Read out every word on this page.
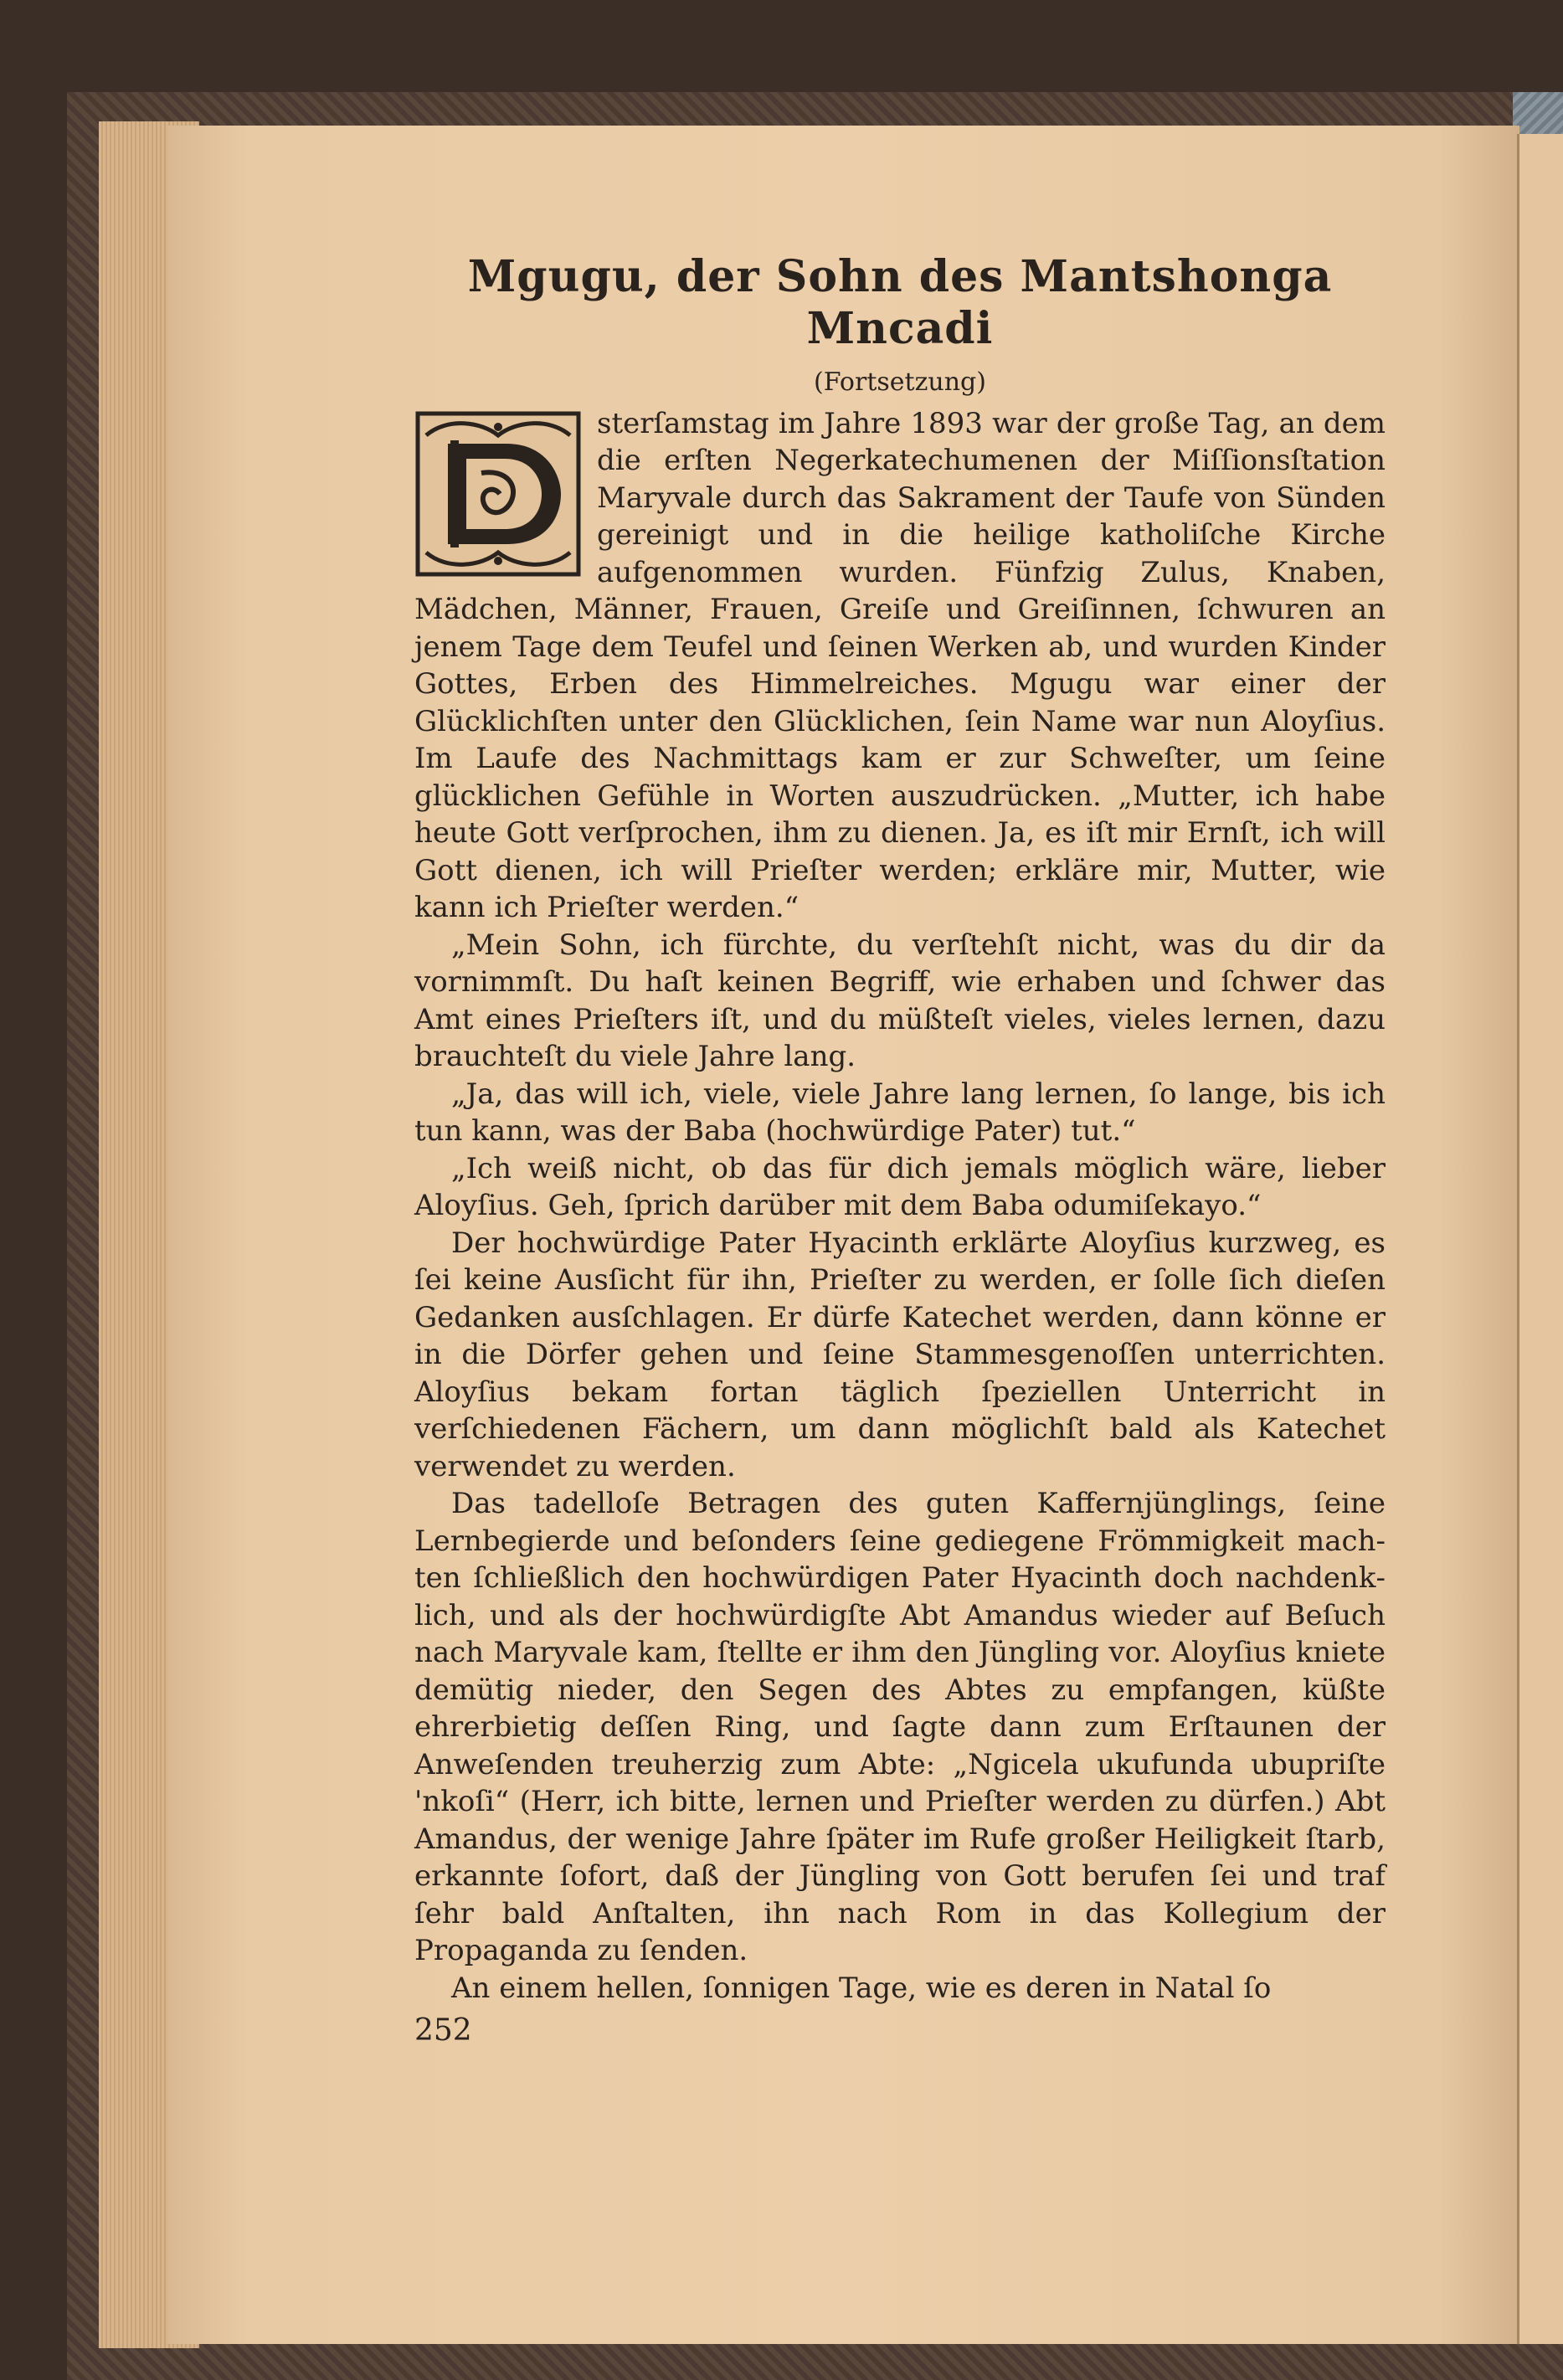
Mgugu, der Sohn des Mantshonga Mncadi
(Fortsetzung)

sterſamstag im Jahre 1893 war der große Tag, an dem die erſten Negerkatechumenen der Miſſionsſtation Maryvale durch das Sakrament der Taufe von Sünden gereinigt und in die heilige katholiſche Kirche aufgenommen wurden. Fünfzig Zulus, Knaben, Mädchen, Männer, Frauen, Greiſe und Greiſinnen, ſchwuren an jenem Tage dem Teufel und ſeinen Werken ab, und wurden Kinder Gottes, Erben des Himmelreiches. Mgugu war einer der Glücklichſten unter den Glücklichen, ſein Name war nun Aloyſius. Im Laufe des Nachmittags kam er zur Schweſter, um ſeine glücklichen Gefühle in Worten auszudrücken. „Mutter, ich habe heute Gott verſprochen, ihm zu dienen. Ja, es iſt mir Ernſt, ich will Gott dienen, ich will Prieſter werden; erkläre mir, Mutter, wie kann ich Prieſter werden.“

„Mein Sohn, ich fürchte, du verſtehſt nicht, was du dir da vornimmſt. Du haſt keinen Begriff, wie erhaben und ſchwer das Amt eines Prieſters iſt, und du müßteſt vieles, vieles lernen, dazu brauchteſt du viele Jahre lang.

„Ja, das will ich, viele, viele Jahre lang lernen, ſo lange, bis ich tun kann, was der Baba (hochwürdige Pater) tut.“

„Ich weiß nicht, ob das für dich jemals möglich wäre, lieber Aloyſius. Geh, ſprich darüber mit dem Baba odumiſekayo.“

Der hochwürdige Pater Hyacinth erklärte Aloyſius kurzweg, es ſei keine Ausſicht für ihn, Prieſter zu werden, er ſolle ſich dieſen Gedanken ausſchlagen. Er dürfe Katechet werden, dann könne er in die Dörfer gehen und ſeine Stammesgenoſſen unterrichten. Aloyſius bekam fortan täglich ſpeziellen Unterricht in verſchiedenen Fächern, um dann möglichſt bald als Katechet verwendet zu werden.

Das tadelloſe Betragen des guten Kaffernjünglings, ſeine Lernbegierde und beſonders ſeine gediegene Frömmigkeit machten ſchließlich den hochwürdigen Pater Hyacinth doch nachdenklich, und als der hochwürdigſte Abt Amandus wieder auf Beſuch nach Maryvale kam, ſtellte er ihm den Jüngling vor. Aloyſius kniete demütig nieder, den Segen des Abtes zu empfangen, küßte ehrerbietig deſſen Ring, und ſagte dann zum Erſtaunen der Anweſenden treuherzig zum Abte: „Ngicela ukufunda ubupriſte 'nkoſi“ (Herr, ich bitte, lernen und Prieſter werden zu dürfen.) Abt Amandus, der wenige Jahre ſpäter im Rufe großer Heiligkeit ſtarb, erkannte ſofort, daß der Jüngling von Gott berufen ſei und traf ſehr bald Anſtalten, ihn nach Rom in das Kollegium der Propaganda zu ſenden.

An einem hellen, ſonnigen Tage, wie es deren in Natal ſo

252
